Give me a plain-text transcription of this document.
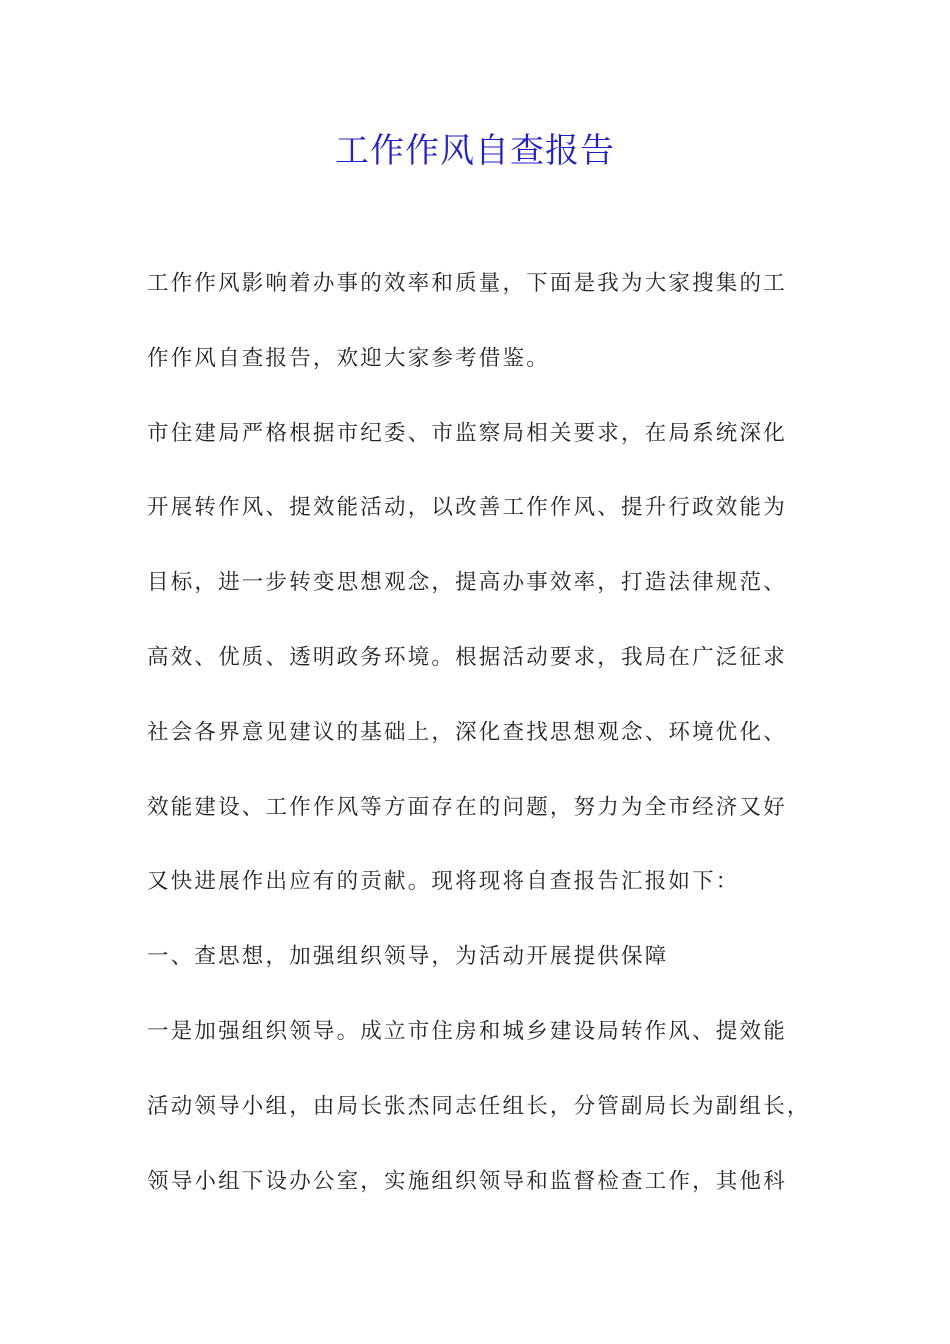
工作作风自查报告
工作作风影响着办事的效率和质量，下面是我为大家搜集的工
作作风自查报告，欢迎大家参考借鉴。
市住建局严格根据市纪委、市监察局相关要求，在局系统深化
开展转作风、提效能活动，以改善工作作风、提升行政效能为
目标，进一步转变思想观念，提高办事效率，打造法律规范、
高效、优质、透明政务环境。根据活动要求，我局在广泛征求
社会各界意见建议的基础上，深化查找思想观念、环境优化、
效能建设、工作作风等方面存在的问题，努力为全市经济又好
又快进展作出应有的贡献。现将现将自查报告汇报如下：
一、查思想，加强组织领导，为活动开展提供保障
一是加强组织领导。成立市住房和城乡建设局转作风、提效能
活动领导小组，由局长张杰同志任组长，分管副局长为副组长，
领导小组下设办公室，实施组织领导和监督检查工作，其他科
